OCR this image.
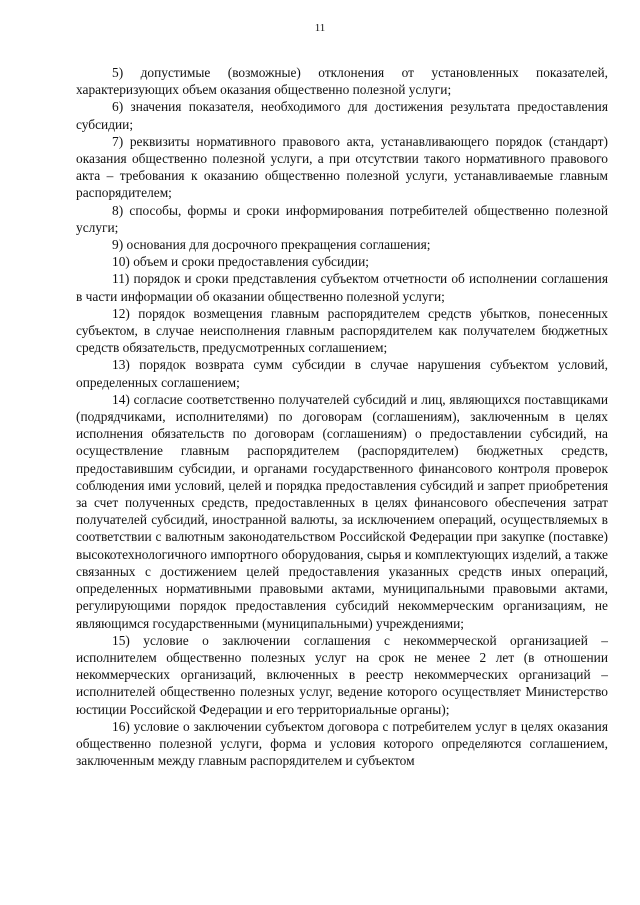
11

5) допустимые (возможные) отклонения от установленных показателей, характеризующих объем оказания общественно полезной услуги;

6) значения показателя, необходимого для достижения результата предоставления субсидии;

7) реквизиты нормативного правового акта, устанавливающего порядок (стандарт) оказания общественно полезной услуги, а при отсутствии такого нормативного правового акта – требования к оказанию общественно полезной услуги, устанавливаемые главным распорядителем;

8) способы, формы и сроки информирования потребителей общественно полезной услуги;

9) основания для досрочного прекращения соглашения;

10) объем и сроки предоставления субсидии;

11) порядок и сроки представления субъектом отчетности об исполнении соглашения в части информации об оказании общественно полезной услуги;

12) порядок возмещения главным распорядителем средств убытков, понесенных субъектом, в случае неисполнения главным распорядителем как получателем бюджетных средств обязательств, предусмотренных соглашением;

13) порядок возврата сумм субсидии в случае нарушения субъектом условий, определенных соглашением;

14) согласие соответственно получателей субсидий и лиц, являющихся поставщиками (подрядчиками, исполнителями) по договорам (соглашениям), заключенным в целях исполнения обязательств по договорам (соглашениям) о предоставлении субсидий, на осуществление главным распорядителем (распорядителем) бюджетных средств, предоставившим субсидии, и органами государственного финансового контроля проверок соблюдения ими условий, целей и порядка предоставления субсидий и запрет приобретения за счет полученных средств, предоставленных в целях финансового обеспечения затрат получателей субсидий, иностранной валюты, за исключением операций, осуществляемых в соответствии с валютным законодательством Российской Федерации при закупке (поставке) высокотехнологичного импортного оборудования, сырья и комплектующих изделий, а также связанных с достижением целей предоставления указанных средств иных операций, определенных нормативными правовыми актами, муниципальными правовыми актами, регулирующими порядок предоставления субсидий некоммерческим организациям, не являющимся государственными (муниципальными) учреждениями;

15) условие о заключении соглашения с некоммерческой организацией – исполнителем общественно полезных услуг на срок не менее 2 лет (в отношении некоммерческих организаций, включенных в реестр некоммерческих организаций – исполнителей общественно полезных услуг, ведение которого осуществляет Министерство юстиции Российской Федерации и его территориальные органы);

16) условие о заключении субъектом договора с потребителем услуг в целях оказания общественно полезной услуги, форма и условия которого определяются соглашением, заключенным между главным распорядителем и субъектом
